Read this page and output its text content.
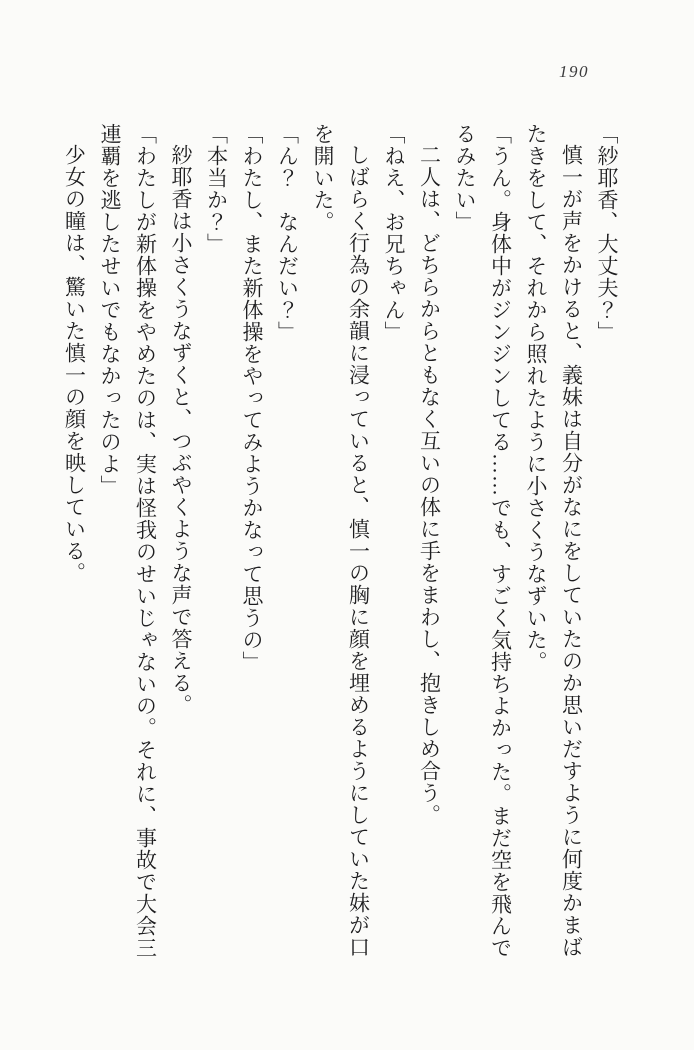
190

「紗耶香、大丈夫？」

慎一が声をかけると、義妹は自分がなにをしていたのか思いだすように何度かまばたきをして、それから照れたように小さくうなずいた。

「うん。身体中がジンジンしてる……でも、すごく気持ちよかった。まだ空を飛んでるみたい」

二人は、どちらからともなく互いの体に手をまわし、抱きしめ合う。

「ねえ、お兄ちゃん」

しばらく行為の余韻に浸っていると、慎一の胸に顔を埋めるようにしていた妹が口を開いた。

「ん？　なんだい？」

「わたし、また新体操をやってみようかなって思うの」

「本当か？」

紗耶香は小さくうなずくと、つぶやくような声で答える。

「わたしが新体操をやめたのは、実は怪我のせいじゃないの。それに、事故で大会三連覇を逃したせいでもなかったのよ」

少女の瞳は、驚いた慎一の顔を映している。
